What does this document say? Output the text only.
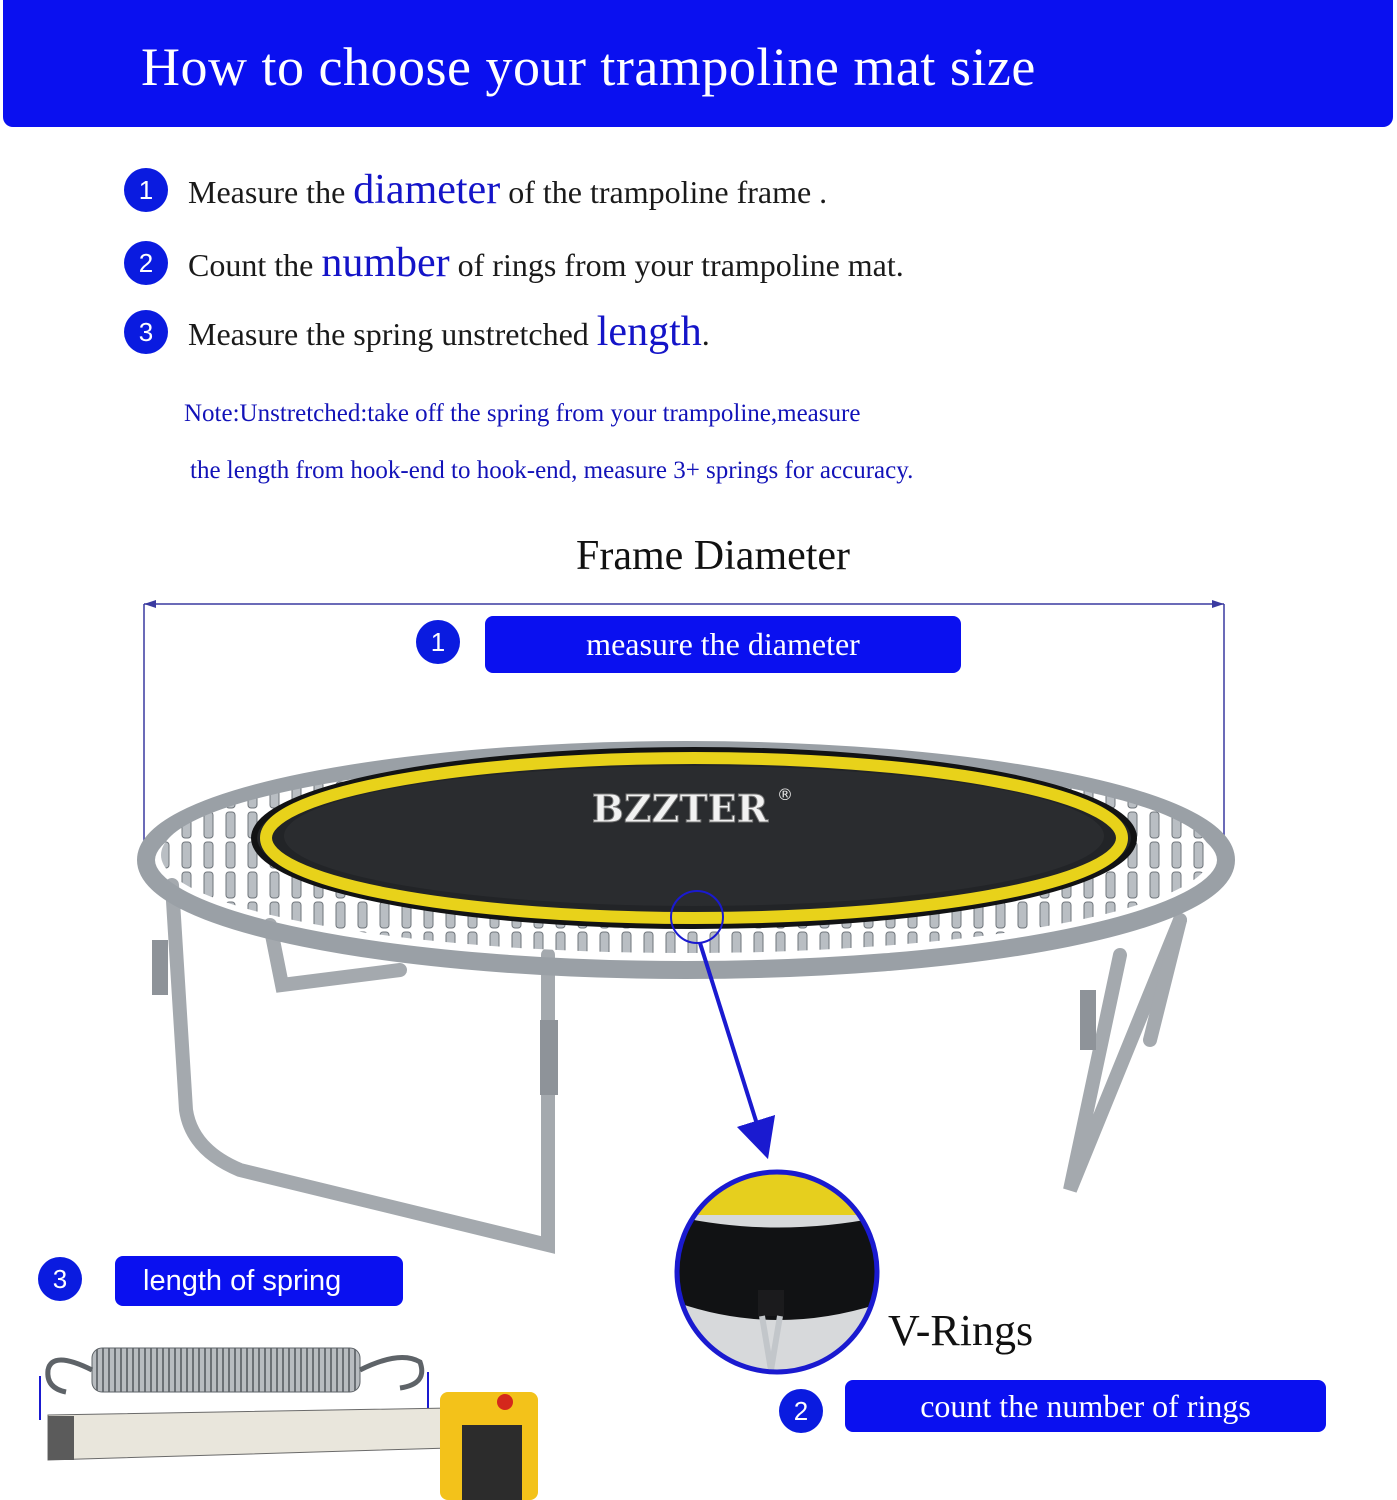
How to choose your trampoline mat size
1	Measure the diameter of the trampoline frame .
2	Count the number of rings from your trampoline mat.
3	Measure the spring unstretched length.
Note:Unstretched:take off the spring from your trampoline,measure
the length from hook-end to hook-end, measure 3+ springs for accuracy.
Frame Diameter
BZZTER ®
V-Rings
1	measure the diameter
3	length of spring
2	count the number of rings
